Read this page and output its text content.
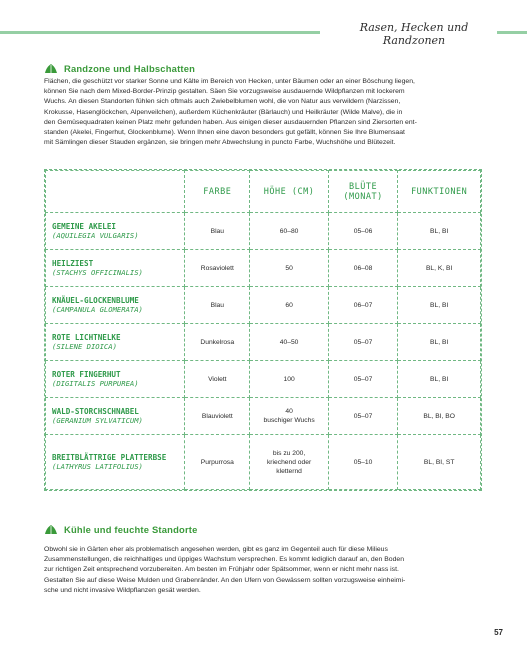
Rasen, Hecken und Randzonen
Randzone und Halbschatten
Flächen, die geschützt vor starker Sonne und Kälte im Bereich von Hecken, unter Bäumen oder an einer Böschung liegen,
können Sie nach dem Mixed-Border-Prinzip gestalten. Säen Sie vorzugsweise ausdauernde Wildpflanzen mit lockerem
Wuchs. An diesen Standorten fühlen sich oftmals auch Zwiebelblumen wohl, die von Natur aus verwildern (Narzissen,
Krokusse, Hasenglöckchen, Alpenveilchen), außerdem Küchenkräuter (Bärlauch) und Heilkräuter (Wilde Malve), die in
den Gemüsequadraten keinen Platz mehr gefunden haben. Aus einigen dieser ausdauernden Pflanzen sind Ziersorten ent-
standen (Akelei, Fingerhut, Glockenblume). Wenn Ihnen eine davon besonders gut gefällt, können Sie Ihre Blumensaat
mit Sämlingen dieser Stauden ergänzen, sie bringen mehr Abwechslung in puncto Farbe, Wuchshöhe und Blütezeit.
	FARBE	HÖHE (CM)	BLÜTE (MONAT)	FUNKTIONEN

GEMEINE AKELEI
(AQUILEGIA VULGARIS)	Blau	60–80	05–06	BL, BI

HEILZIEST
(STACHYS OFFICINALIS)	Rosaviolett	50	06–08	BL, K, BI

KNÄUEL-GLOCKENBLUME
(CAMPANULA GLOMERATA)	Blau	60	06–07	BL, BI

ROTE LICHTNELKE
(SILENE DIOICA)	Dunkelrosa	40–50	05–07	BL, BI

ROTER FINGERHUT
(DIGITALIS PURPUREA)	Violett	100	05–07	BL, BI

WALD-STORCHSCHNABEL
(GERANIUM SYLVATICUM)	Blauviolett	40
buschiger Wuchs	05–07	BL, BI, BO

BREITBLÄTTRIGE PLATTERBSE
(LATHYRUS LATIFOLIUS)	Purpurrosa	bis zu 200,
kriechend oder
kletternd	05–10	BL, BI, ST
Kühle und feuchte Standorte
Obwohl sie in Gärten eher als problematisch angesehen werden, gibt es ganz im Gegenteil auch für diese Milieus
Zusammenstellungen, die reichhaltiges und üppiges Wachstum versprechen. Es kommt lediglich darauf an, den Boden
zur richtigen Zeit entsprechend vorzubereiten. Am besten im Frühjahr oder Spätsommer, wenn er nicht mehr nass ist.
Gestalten Sie auf diese Weise Mulden und Grabenränder. An den Ufern von Gewässern sollten vorzugsweise einheimi-
sche und nicht invasive Wildpflanzen gesät werden.
57
